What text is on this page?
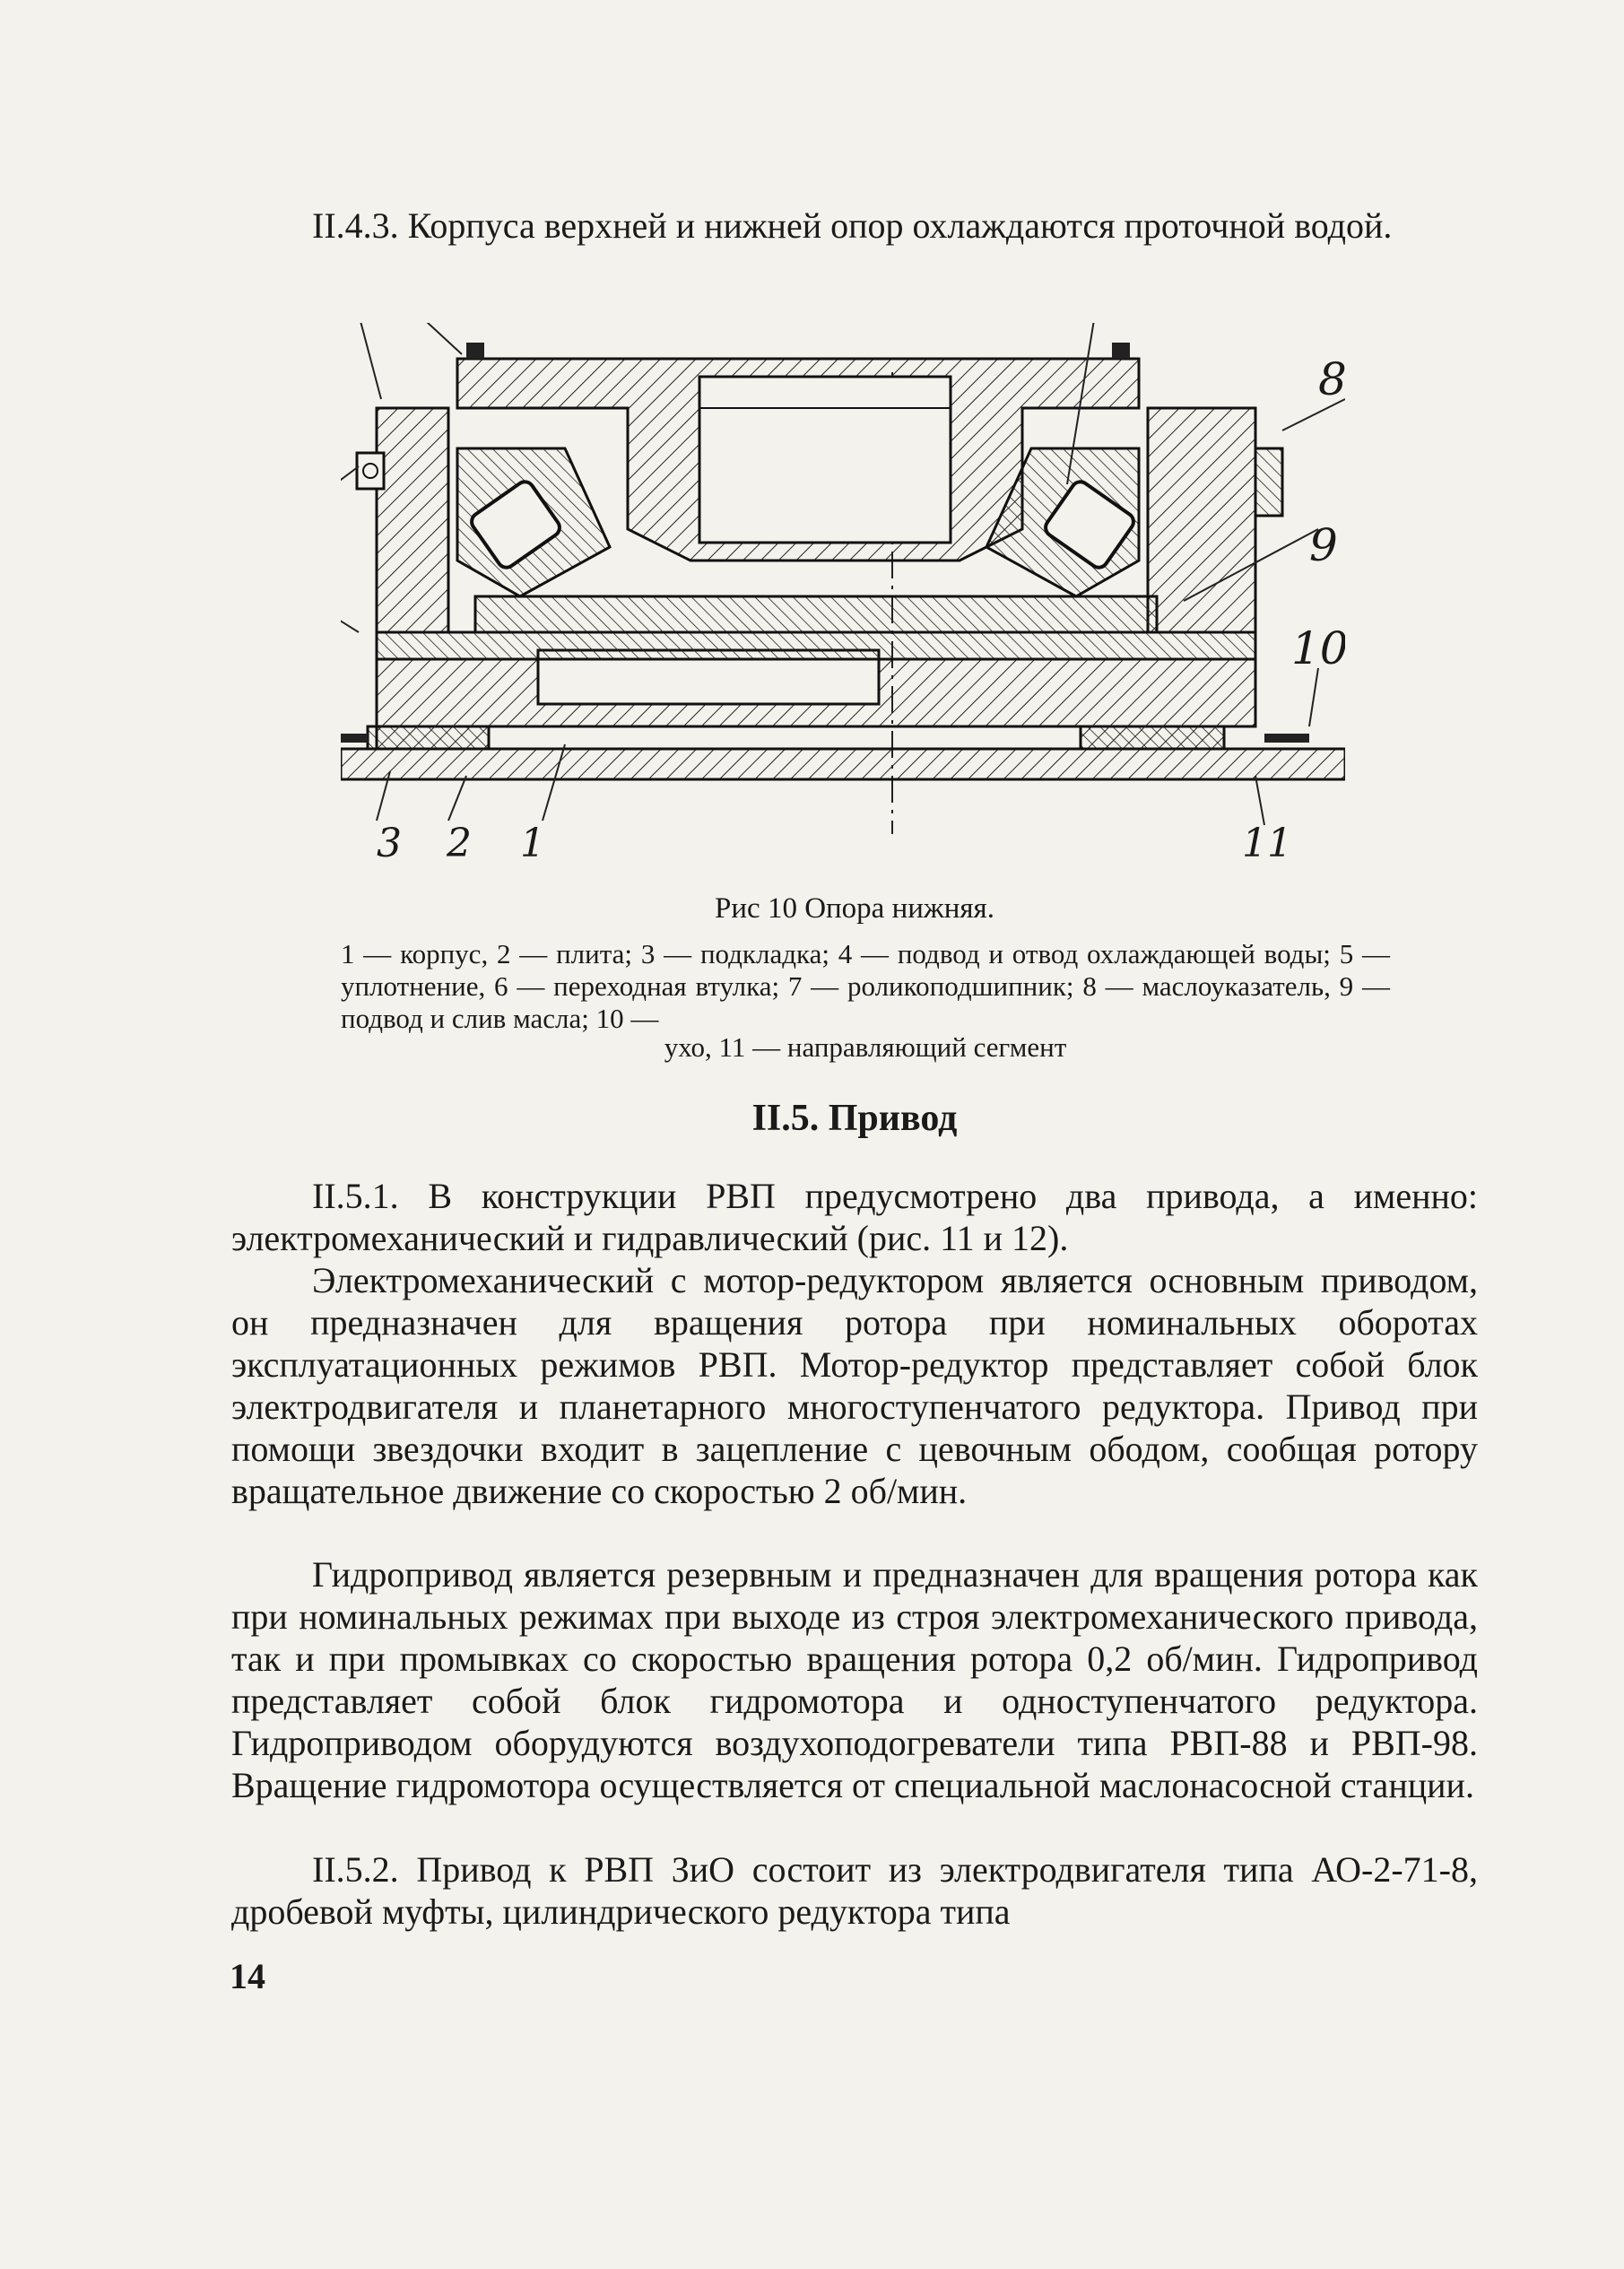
II.4.3. Корпуса верхней и нижней опор охлаждаются проточной водой.

8
9
10
11
3 2 1

Рис 10 Опора нижняя.

1 — корпус, 2 — плита; 3 — подкладка; 4 — подвод и отвод охлаждающей воды; 5 — уплотнение, 6 — переходная втулка; 7 — роликоподшипник; 8 — маслоуказатель, 9 — подвод и слив масла; 10 —

ухо, 11 — направляющий сегмент

II.5. Привод

II.5.1. В конструкции РВП предусмотрено два привода, а именно: электромеханический и гидравлический (рис. 11 и 12).

Электромеханический с мотор-редуктором является основным приводом, он предназначен для вращения ротора при номинальных оборотах эксплуатационных режимов РВП. Мотор-редуктор представляет собой блок электродвигателя и планетарного многоступенчатого редуктора. Привод при помощи звездочки входит в зацепление с цевочным ободом, сообщая ротору вращательное движение со скоростью 2 об/мин.

Гидропривод является резервным и предназначен для вращения ротора как при номинальных режимах при выходе из строя электромеханического привода, так и при промывках со скоростью вращения ротора 0,2 об/мин. Гидропривод представляет собой блок гидромотора и одноступенчатого редуктора. Гидроприводом оборудуются воздухоподогреватели типа РВП-88 и РВП-98. Вращение гидромотора осуществляется от специальной маслонасосной станции.

II.5.2. Привод к РВП ЗиО состоит из электродвигателя типа АО-2-71-8, дробевой муфты, цилиндрического редуктора типа

14
